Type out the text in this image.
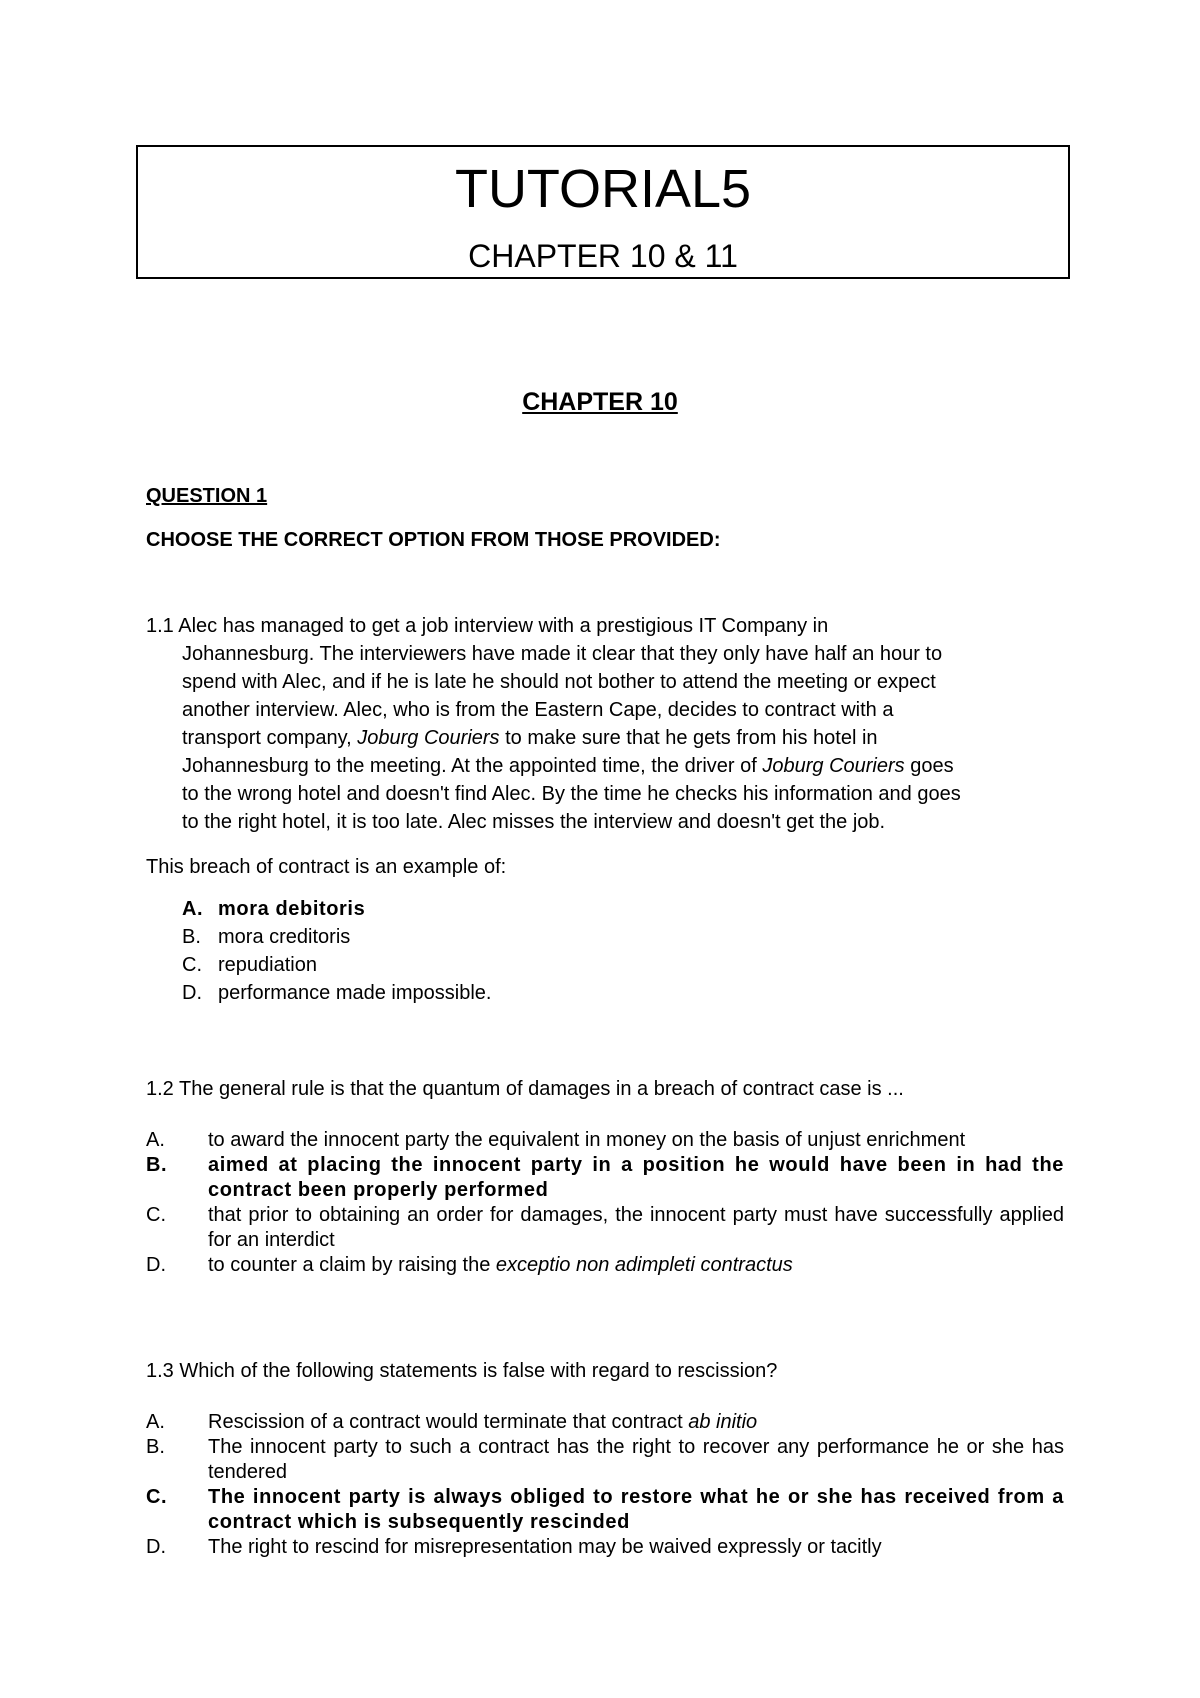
TUTORIAL5
CHAPTER 10 & 11
CHAPTER 10
QUESTION 1
CHOOSE THE CORRECT OPTION FROM THOSE PROVIDED:
1.1 Alec has managed to get a job interview with a prestigious IT Company in
Johannesburg. The interviewers have made it clear that they only have half an hour to
spend with Alec, and if he is late he should not bother to attend the meeting or expect
another interview. Alec, who is from the Eastern Cape, decides to contract with a
transport company, Joburg Couriers to make sure that he gets from his hotel in
Johannesburg to the meeting. At the appointed time, the driver of Joburg Couriers goes
to the wrong hotel and doesn't find Alec. By the time he checks his information and goes
to the right hotel, it is too late. Alec misses the interview and doesn't get the job.
This breach of contract is an example of:
A. mora debitoris
B. mora creditoris
C. repudiation
D. performance made impossible.
1.2 The general rule is that the quantum of damages in a breach of contract case is ...
A.	to award the innocent party the equivalent in money on the basis of unjust enrichment
B.	aimed at placing the innocent party in a position he would have been in had the contract been properly performed
C.	that prior to obtaining an order for damages, the innocent party must have successfully applied for an interdict
D.	to counter a claim by raising the exceptio non adimpleti contractus
1.3 Which of the following statements is false with regard to rescission?
A.	Rescission of a contract would terminate that contract ab initio
B.	The innocent party to such a contract has the right to recover any performance he or she has tendered
C.	The innocent party is always obliged to restore what he or she has received from a contract which is subsequently rescinded
D.	The right to rescind for misrepresentation may be waived expressly or tacitly
